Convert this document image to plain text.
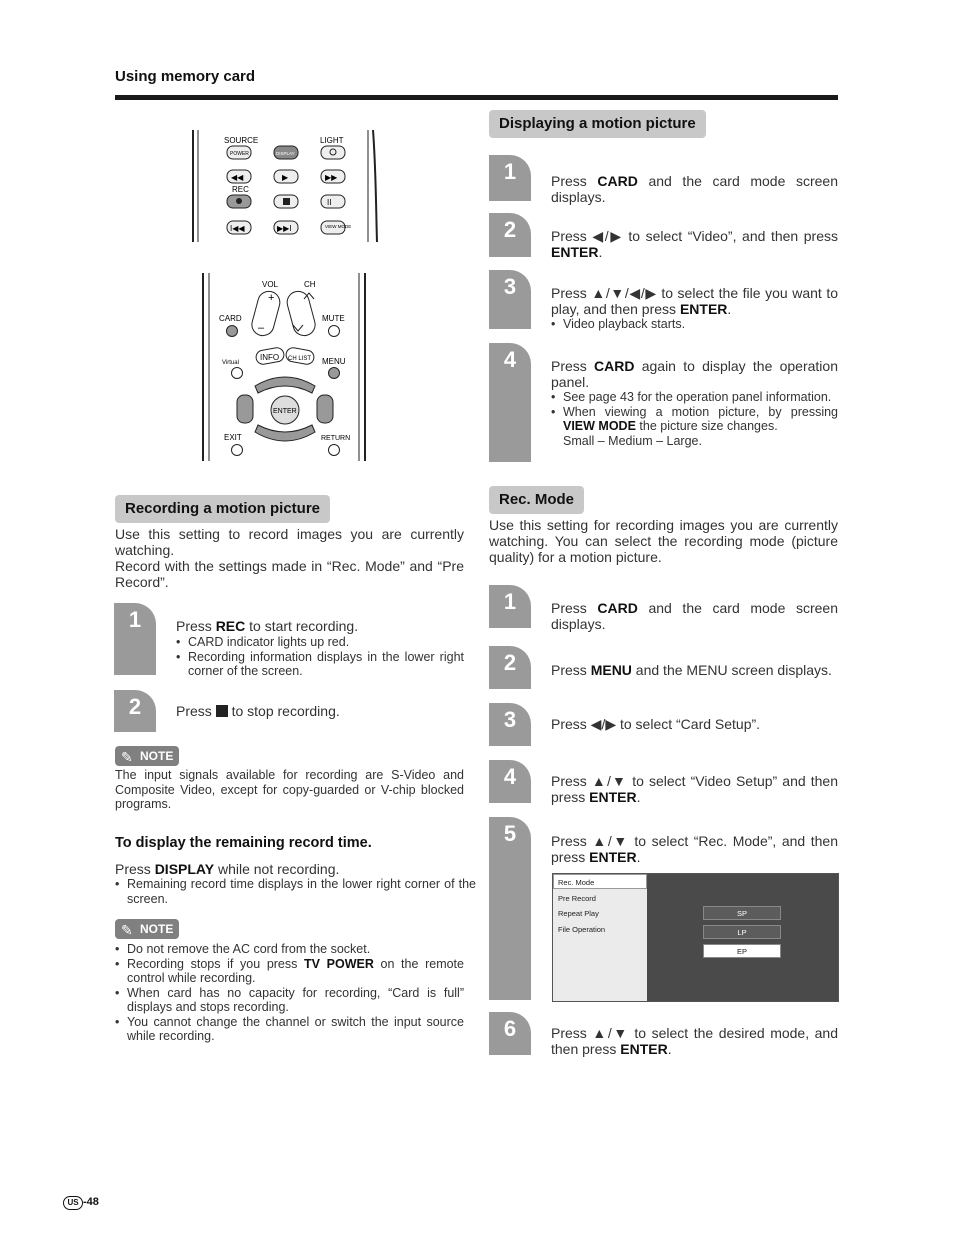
Using memory card
SOURCE	LIGHT
POWER	DISPLAY
◀◀	▶	▶▶
REC
II
I◀◀	▶▶I	VIEW MODE
VOL	CH
+
–
CARD	MUTE
Virtual
INFO CH LIST MENU
ENTER
EXIT	RETURN
Recording a motion picture
Use this setting to record images you are currently watching.
Record with the settings made in “Rec. Mode” and “Pre Record”.
1	Press REC to start recording.
• CARD indicator lights up red.
• Recording information displays in the lower right corner of the screen.
2	Press  to stop recording.
✎ NOTE
The input signals available for recording are S-Video and Composite Video, except for copy-guarded or V-chip blocked programs.
To display the remaining record time.
Press DISPLAY while not recording.
• Remaining record time displays in the lower right corner of the screen.
✎ NOTE
• Do not remove the AC cord from the socket.
• Recording stops if you press TV POWER on the remote control while recording.
• When card has no capacity for recording, “Card is full” displays and stops recording.
• You cannot change the channel or switch the input source while recording.
Displaying a motion picture
1	Press CARD and the card mode screen displays.
2	Press ◀/▶ to select “Video”, and then press ENTER.
3	Press ▲/▼/◀/▶ to select the file you want to play, and then press ENTER.
• Video playback starts.
4	Press CARD again to display the operation panel.
• See page 43 for the operation panel information.
• When viewing a motion picture, by pressing VIEW MODE the picture size changes.
Small – Medium – Large.
Rec. Mode
Use this setting for recording images you are currently watching. You can select the recording mode (picture quality) for a motion picture.
1	Press CARD and the card mode screen displays.
2	Press MENU and the MENU screen displays.
3	Press ◀/▶ to select “Card Setup”.
4	Press ▲/▼ to select “Video Setup” and then press ENTER.
5	Press ▲/▼ to select “Rec. Mode”, and then press ENTER.
Rec. Mode
Pre Record
Repeat Play
File Operation
SP
LP
EP
6	Press ▲/▼ to select the desired mode, and then press ENTER.
US -48
